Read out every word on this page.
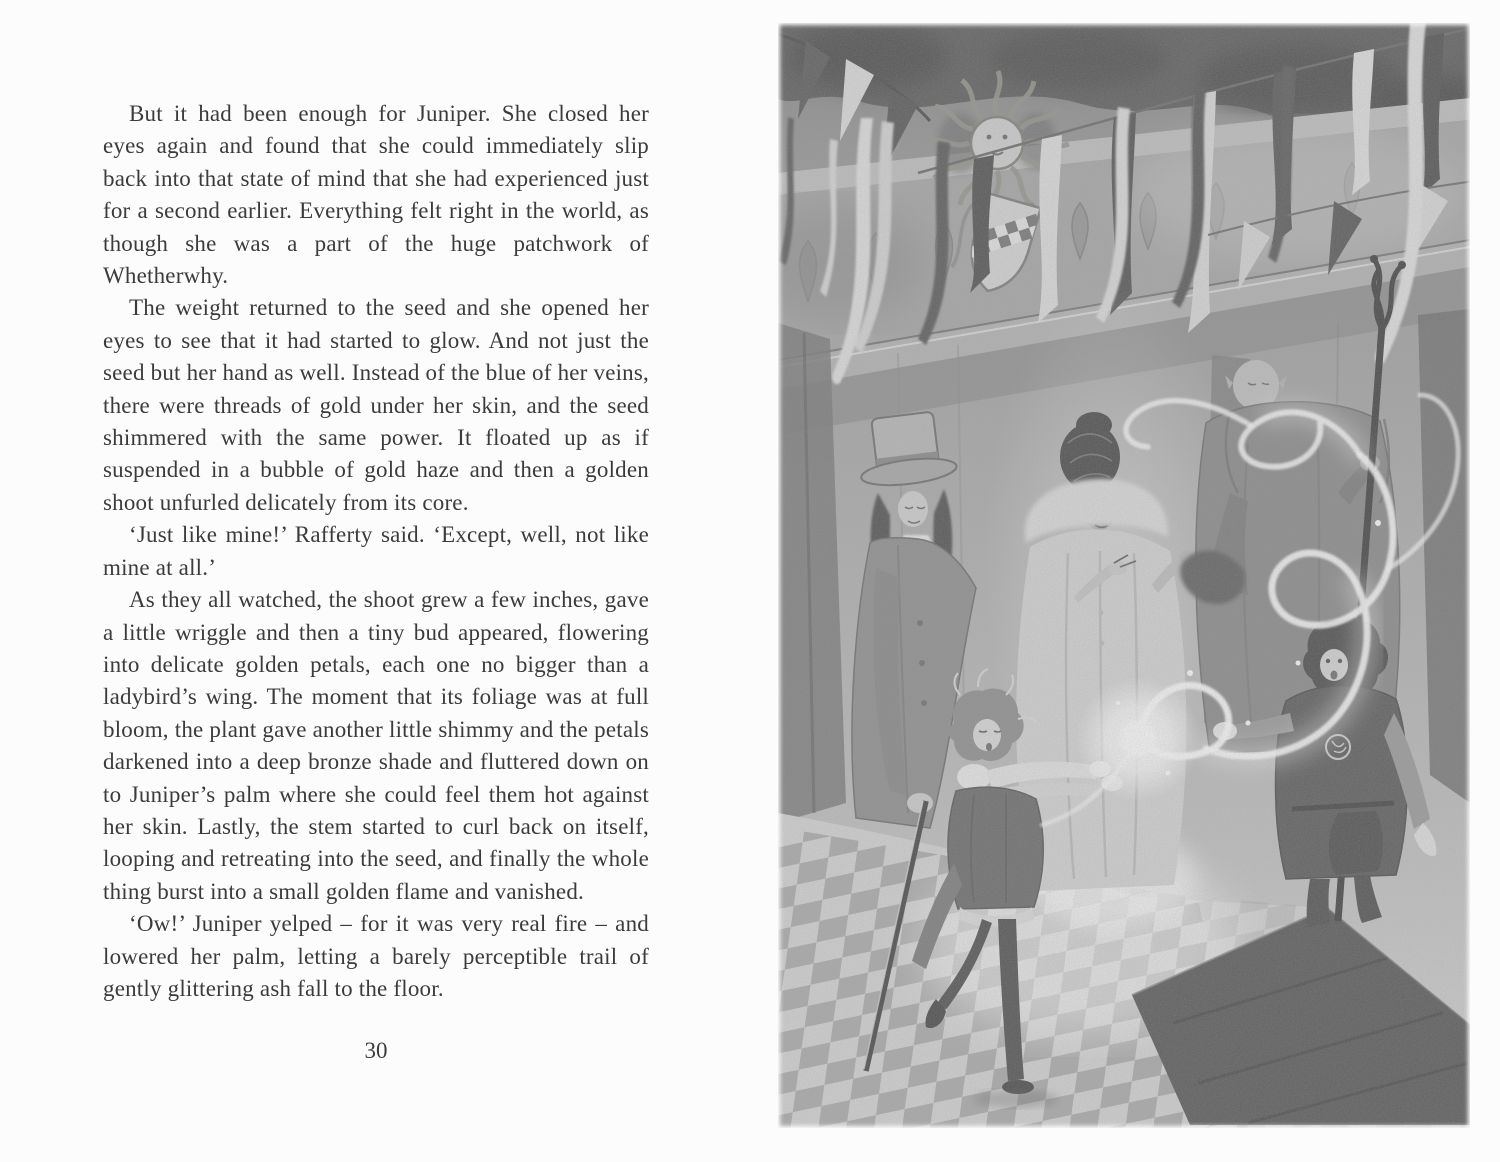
But it had been enough for Juniper. She closed her eyes again and found that she could immediately slip back into that state of mind that she had experienced just for a second earlier. Everything felt right in the world, as though she was a part of the huge patchwork of Whetherwhy.

The weight returned to the seed and she opened her eyes to see that it had started to glow. And not just the seed but her hand as well. Instead of the blue of her veins, there were threads of gold under her skin, and the seed shimmered with the same power. It floated up as if suspended in a bubble of gold haze and then a golden shoot unfurled delicately from its core.

‘Just like mine!’ Rafferty said. ‘Except, well, not like mine at all.’

As they all watched, the shoot grew a few inches, gave a little wriggle and then a tiny bud appeared, flowering into delicate golden petals, each one no bigger than a ladybird’s wing. The moment that its foliage was at full bloom, the plant gave another little shimmy and the petals darkened into a deep bronze shade and fluttered down on to Juniper’s palm where she could feel them hot against her skin. Lastly, the stem started to curl back on itself, looping and retreating into the seed, and finally the whole thing burst into a small golden flame and vanished.

‘Ow!’ Juniper yelped – for it was very real fire – and lowered her palm, letting a barely perceptible trail of gently glittering ash fall to the floor.

30
